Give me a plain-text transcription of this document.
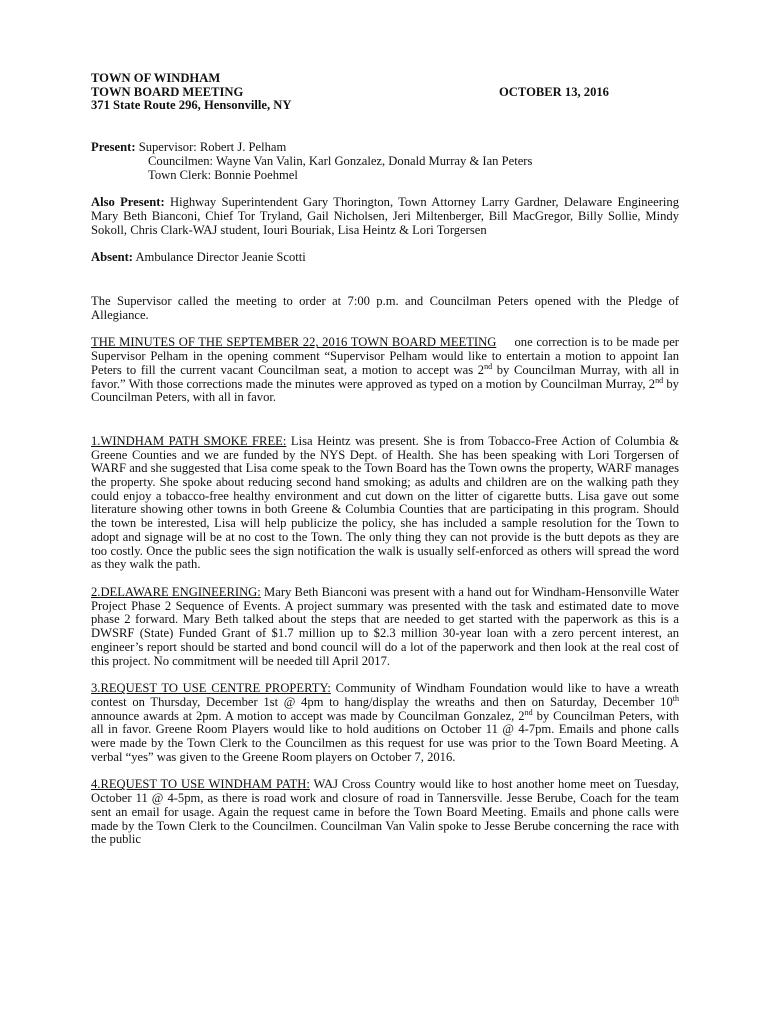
TOWN OF WINDHAM
TOWN BOARD MEETING	OCTOBER 13, 2016
371 State Route 296, Hensonville, NY
Present: Supervisor: Robert J. Pelham
Councilmen: Wayne Van Valin, Karl Gonzalez, Donald Murray & Ian Peters
Town Clerk: Bonnie Poehmel

Also Present: Highway Superintendent Gary Thorington, Town Attorney Larry Gardner, Delaware Engineering Mary Beth Bianconi, Chief Tor Tryland, Gail Nicholsen, Jeri Miltenberger, Bill MacGregor, Billy Sollie, Mindy Sokoll, Chris Clark-WAJ student, Iouri Bouriak, Lisa Heintz & Lori Torgersen

Absent: Ambulance Director Jeanie Scotti

The Supervisor called the meeting to order at 7:00 p.m. and Councilman Peters opened with the Pledge of Allegiance.

THE MINUTES OF THE SEPTEMBER 22, 2016 TOWN BOARD MEETING one correction is to be made per Supervisor Pelham in the opening comment “Supervisor Pelham would like to entertain a motion to appoint Ian Peters to fill the current vacant Councilman seat, a motion to accept was 2nd by Councilman Murray, with all in favor.” With those corrections made the minutes were approved as typed on a motion by Councilman Murray, 2nd by Councilman Peters, with all in favor.

1.WINDHAM PATH SMOKE FREE: Lisa Heintz was present. She is from Tobacco-Free Action of Columbia & Greene Counties and we are funded by the NYS Dept. of Health. She has been speaking with Lori Torgersen of WARF and she suggested that Lisa come speak to the Town Board has the Town owns the property, WARF manages the property. She spoke about reducing second hand smoking; as adults and children are on the walking path they could enjoy a tobacco-free healthy environment and cut down on the litter of cigarette butts. Lisa gave out some literature showing other towns in both Greene & Columbia Counties that are participating in this program. Should the town be interested, Lisa will help publicize the policy, she has included a sample resolution for the Town to adopt and signage will be at no cost to the Town. The only thing they can not provide is the butt depots as they are too costly. Once the public sees the sign notification the walk is usually self-enforced as others will spread the word as they walk the path.

2.DELAWARE ENGINEERING: Mary Beth Bianconi was present with a hand out for Windham-Hensonville Water Project Phase 2 Sequence of Events. A project summary was presented with the task and estimated date to move phase 2 forward. Mary Beth talked about the steps that are needed to get started with the paperwork as this is a DWSRF (State) Funded Grant of $1.7 million up to $2.3 million 30-year loan with a zero percent interest, an engineer’s report should be started and bond council will do a lot of the paperwork and then look at the real cost of this project. No commitment will be needed till April 2017.

3.REQUEST TO USE CENTRE PROPERTY: Community of Windham Foundation would like to have a wreath contest on Thursday, December 1st @ 4pm to hang/display the wreaths and then on Saturday, December 10th announce awards at 2pm. A motion to accept was made by Councilman Gonzalez, 2nd by Councilman Peters, with all in favor. Greene Room Players would like to hold auditions on October 11 @ 4-7pm. Emails and phone calls were made by the Town Clerk to the Councilmen as this request for use was prior to the Town Board Meeting. A verbal “yes” was given to the Greene Room players on October 7, 2016.

4.REQUEST TO USE WINDHAM PATH: WAJ Cross Country would like to host another home meet on Tuesday, October 11 @ 4-5pm, as there is road work and closure of road in Tannersville. Jesse Berube, Coach for the team sent an email for usage. Again the request came in before the Town Board Meeting. Emails and phone calls were made by the Town Clerk to the Councilmen. Councilman Van Valin spoke to Jesse Berube concerning the race with the public
